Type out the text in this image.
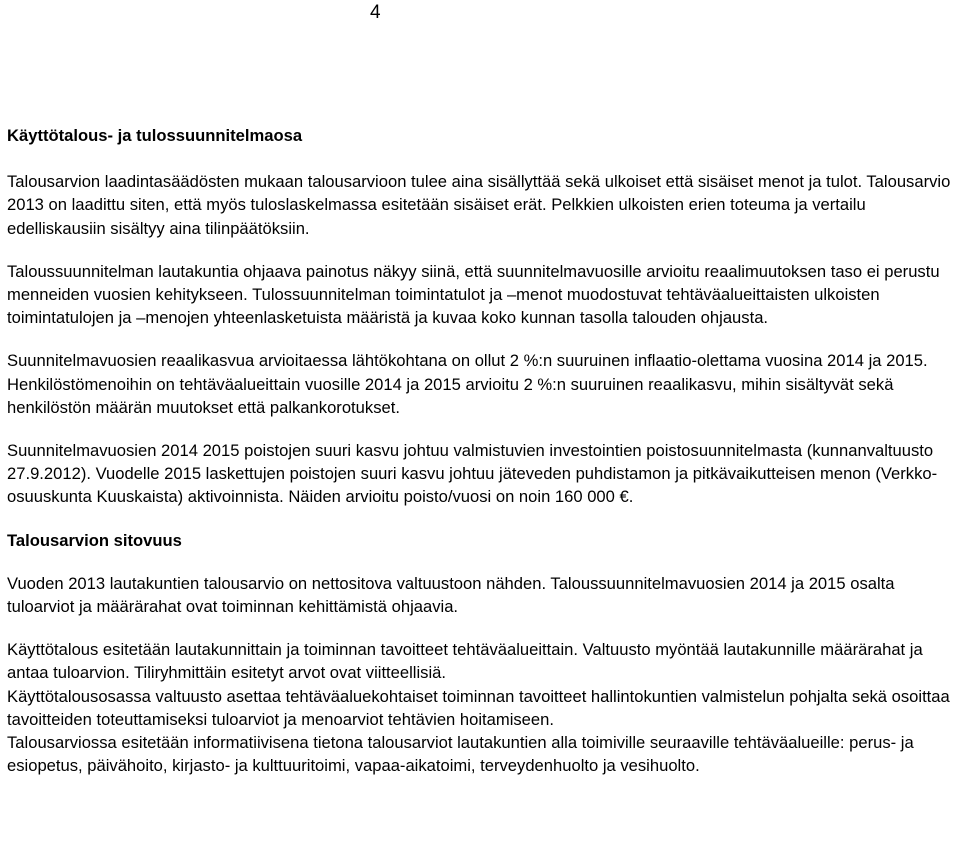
4
Käyttötalous- ja tulossuunnitelmaosa

Talousarvion laadintasäädösten mukaan talousarvioon tulee aina sisällyttää sekä ulkoiset että sisäiset menot ja tulot. Talousarvio 2013 on laadittu siten, että myös tuloslaskelmassa esitetään sisäiset erät. Pelkkien ulkoisten erien toteuma ja vertailu edelliskausiin sisältyy aina tilinpäätöksiin.

Taloussuunnitelman lautakuntia ohjaava painotus näkyy siinä, että suunnitelmavuosille arvioitu reaalimuutoksen taso ei perustu menneiden vuosien kehitykseen. Tulossuunnitelman toimintatulot ja –menot muodostuvat tehtäväalueittaisten ulkoisten toimintatulojen ja –menojen yhteenlasketuista määristä ja kuvaa koko kunnan tasolla talouden ohjausta.

Suunnitelmavuosien reaalikasvua arvioitaessa lähtökohtana on ollut 2 %:n suuruinen inflaatio-olettama vuosina 2014 ja 2015. Henkilöstömenoihin on tehtäväalueittain vuosille 2014 ja 2015 arvioitu 2 %:n suuruinen reaalikasvu, mihin sisältyvät sekä henkilöstön määrän muutokset että palkankorotukset.

Suunnitelmavuosien 2014 2015 poistojen suuri kasvu johtuu valmistuvien investointien poistosuunnitelmasta (kunnanvaltuusto 27.9.2012). Vuodelle 2015 laskettujen poistojen suuri kasvu johtuu jäteveden puhdistamon ja pitkävaikutteisen menon (Verkko-osuuskunta Kuuskaista) aktivoinnista. Näiden arvioitu poisto/vuosi on noin 160 000 €.

Talousarvion sitovuus

Vuoden 2013 lautakuntien talousarvio on nettositova valtuustoon nähden. Taloussuunnitelmavuosien 2014 ja 2015 osalta tuloarviot ja määrärahat ovat toiminnan kehittämistä ohjaavia.

Käyttötalous esitetään lautakunnittain ja toiminnan tavoitteet tehtäväalueittain. Valtuusto myöntää lautakunnille määrärahat ja antaa tuloarvion. Tiliryhmittäin esitetyt arvot ovat viitteellisiä.

Käyttötalousosassa valtuusto asettaa tehtäväaluekohtaiset toiminnan tavoitteet hallintokuntien valmistelun pohjalta sekä osoittaa tavoitteiden toteuttamiseksi tuloarviot ja menoarviot tehtävien hoitamiseen.

Talousarviossa esitetään informatiivisena tietona talousarviot lautakuntien alla toimiville seuraaville tehtäväalueille: perus- ja esiopetus, päivähoito, kirjasto- ja kulttuuritoimi, vapaa-aikatoimi, terveydenhuolto ja vesihuolto.
